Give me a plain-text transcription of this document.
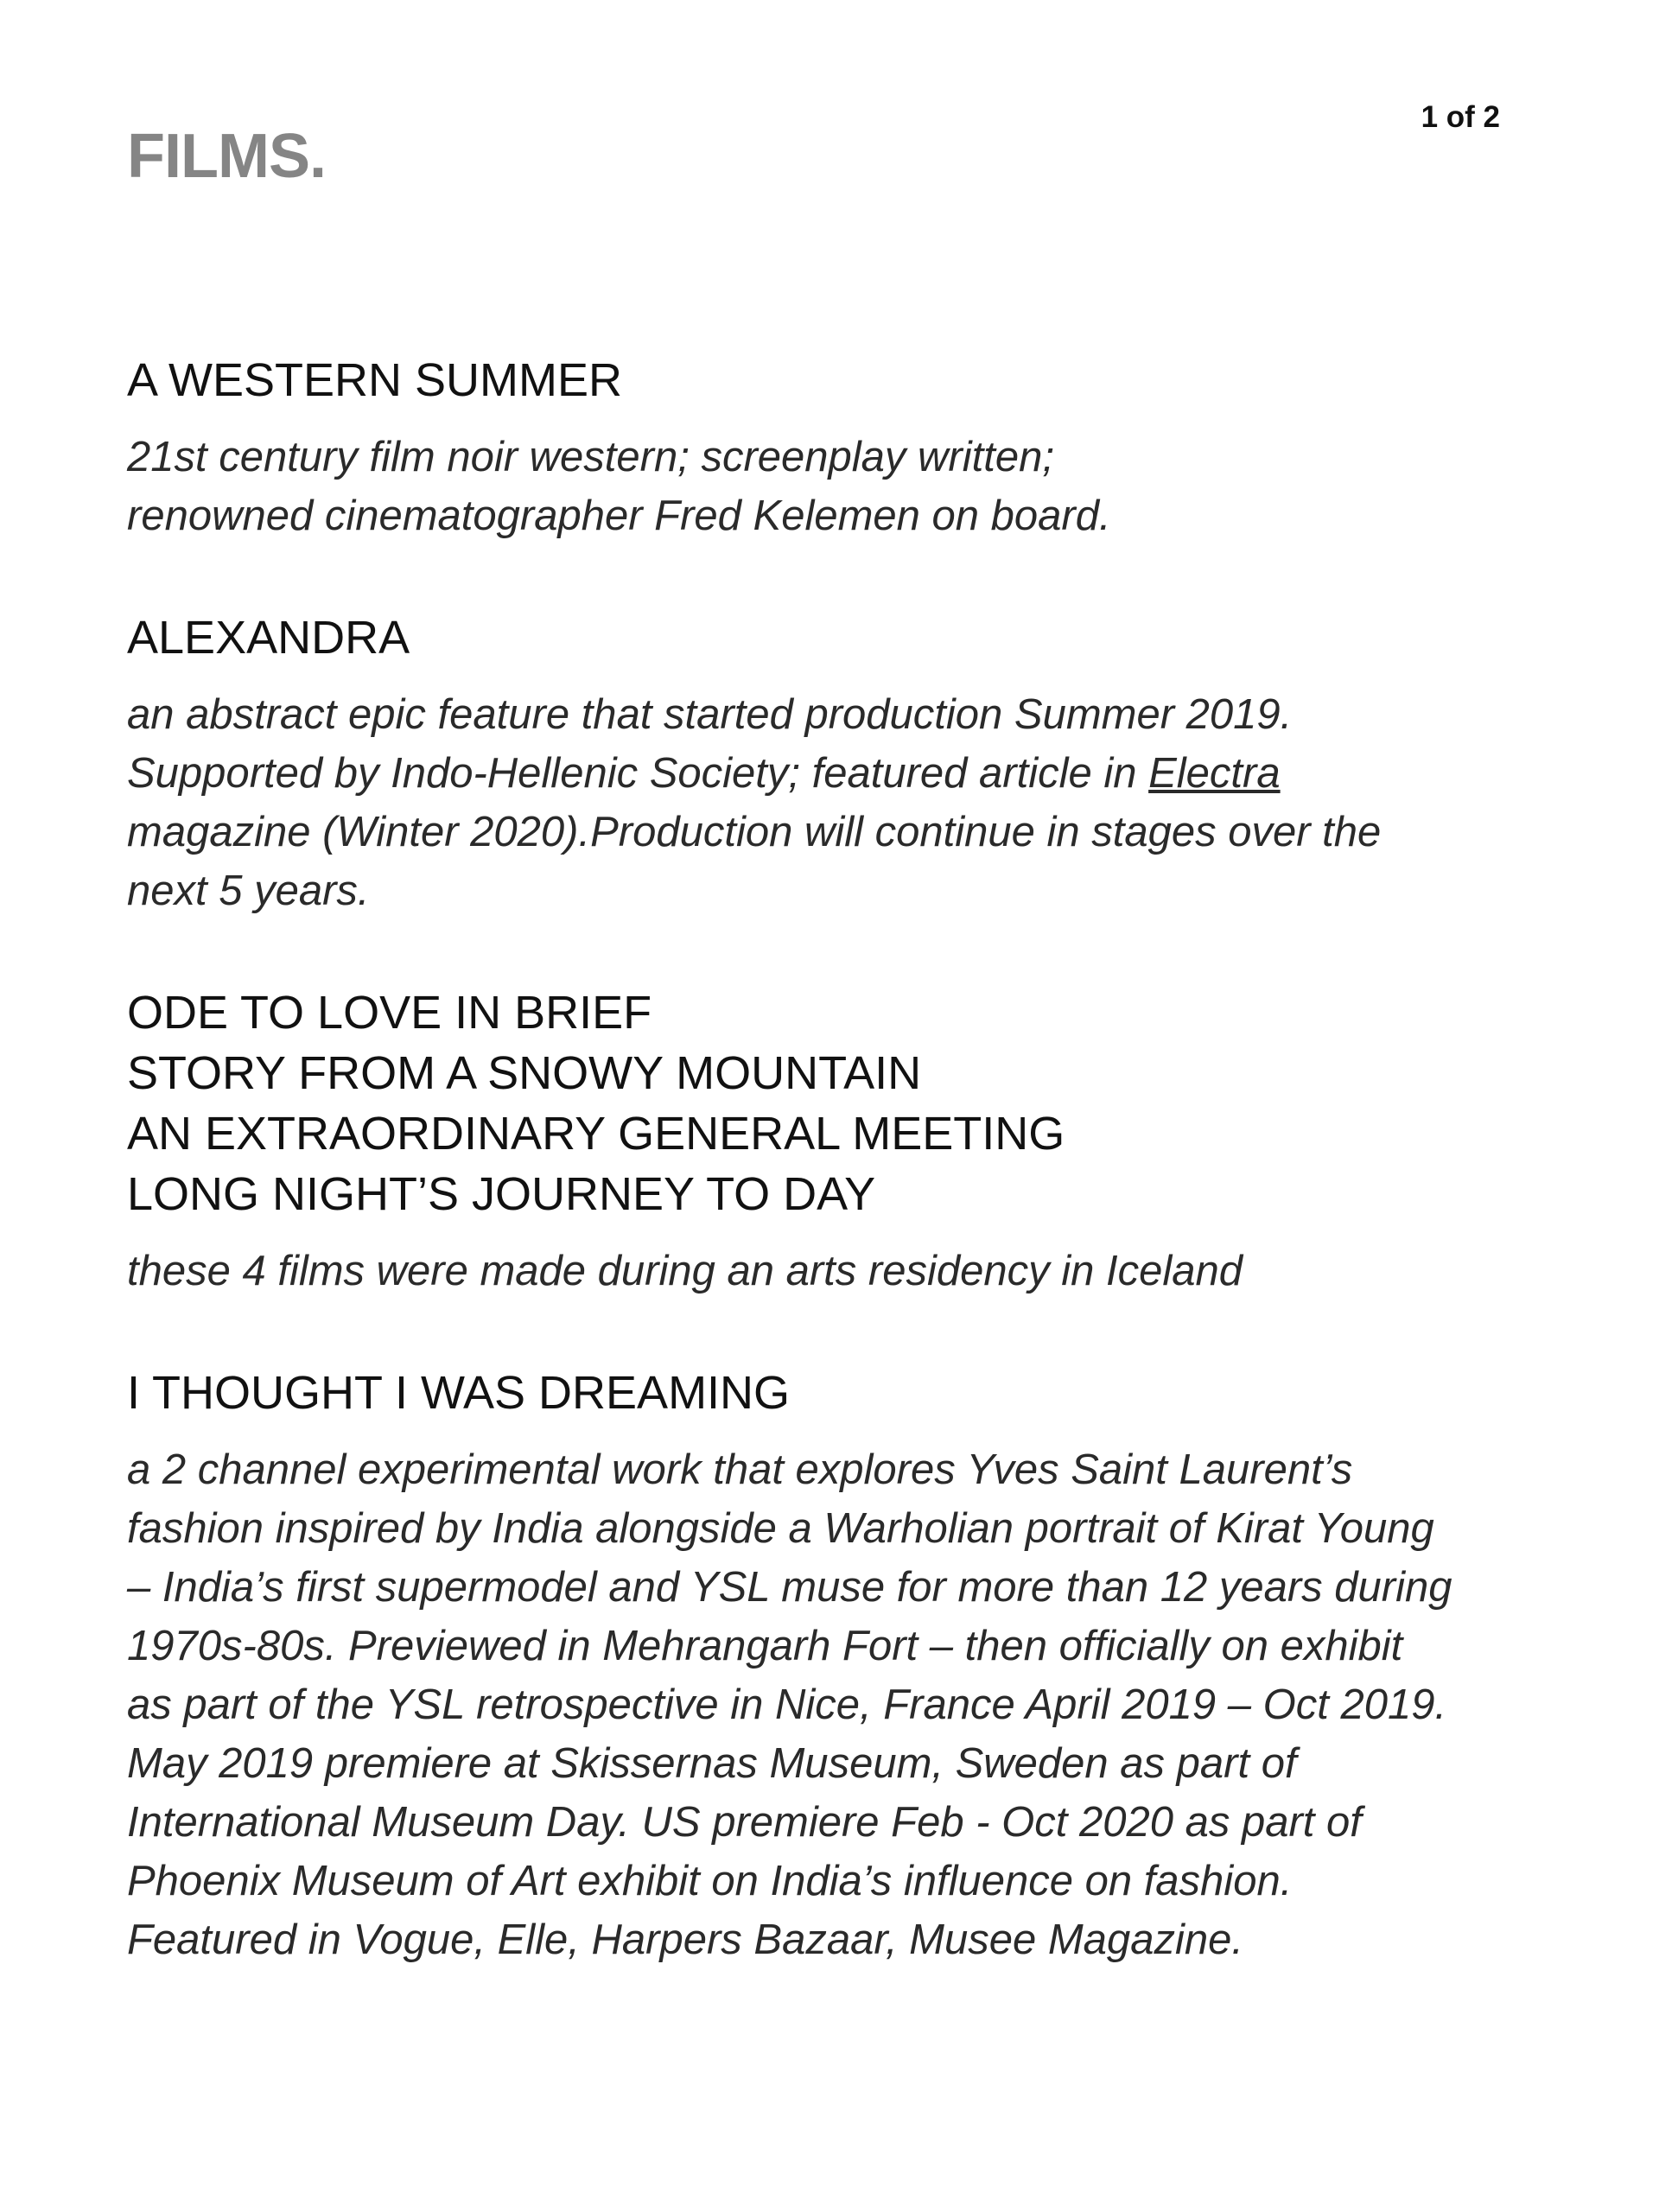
1 of 2
FILMS.
A WESTERN SUMMER

21st century film noir western; screenplay written;
renowned cinematographer Fred Kelemen on board.

ALEXANDRA

an abstract epic feature that started production Summer 2019.
Supported by Indo-Hellenic Society; featured article in Electra
magazine (Winter 2020).Production will continue in stages over the
next 5 years.

ODE TO LOVE IN BRIEF
STORY FROM A SNOWY MOUNTAIN
AN EXTRAORDINARY GENERAL MEETING
LONG NIGHT’S JOURNEY TO DAY

these 4 films were made during an arts residency in Iceland

I THOUGHT I WAS DREAMING

a 2 channel experimental work that explores Yves Saint Laurent’s
fashion inspired by India alongside a Warholian portrait of Kirat Young
– India’s first supermodel and YSL muse for more than 12 years during
1970s-80s. Previewed in Mehrangarh Fort – then officially on exhibit
as part of the YSL retrospective in Nice, France April 2019 – Oct 2019.
May 2019 premiere at Skissernas Museum, Sweden as part of
International Museum Day. US premiere Feb - Oct 2020 as part of
Phoenix Museum of Art exhibit on India’s influence on fashion.
Featured in Vogue, Elle, Harpers Bazaar, Musee Magazine.
